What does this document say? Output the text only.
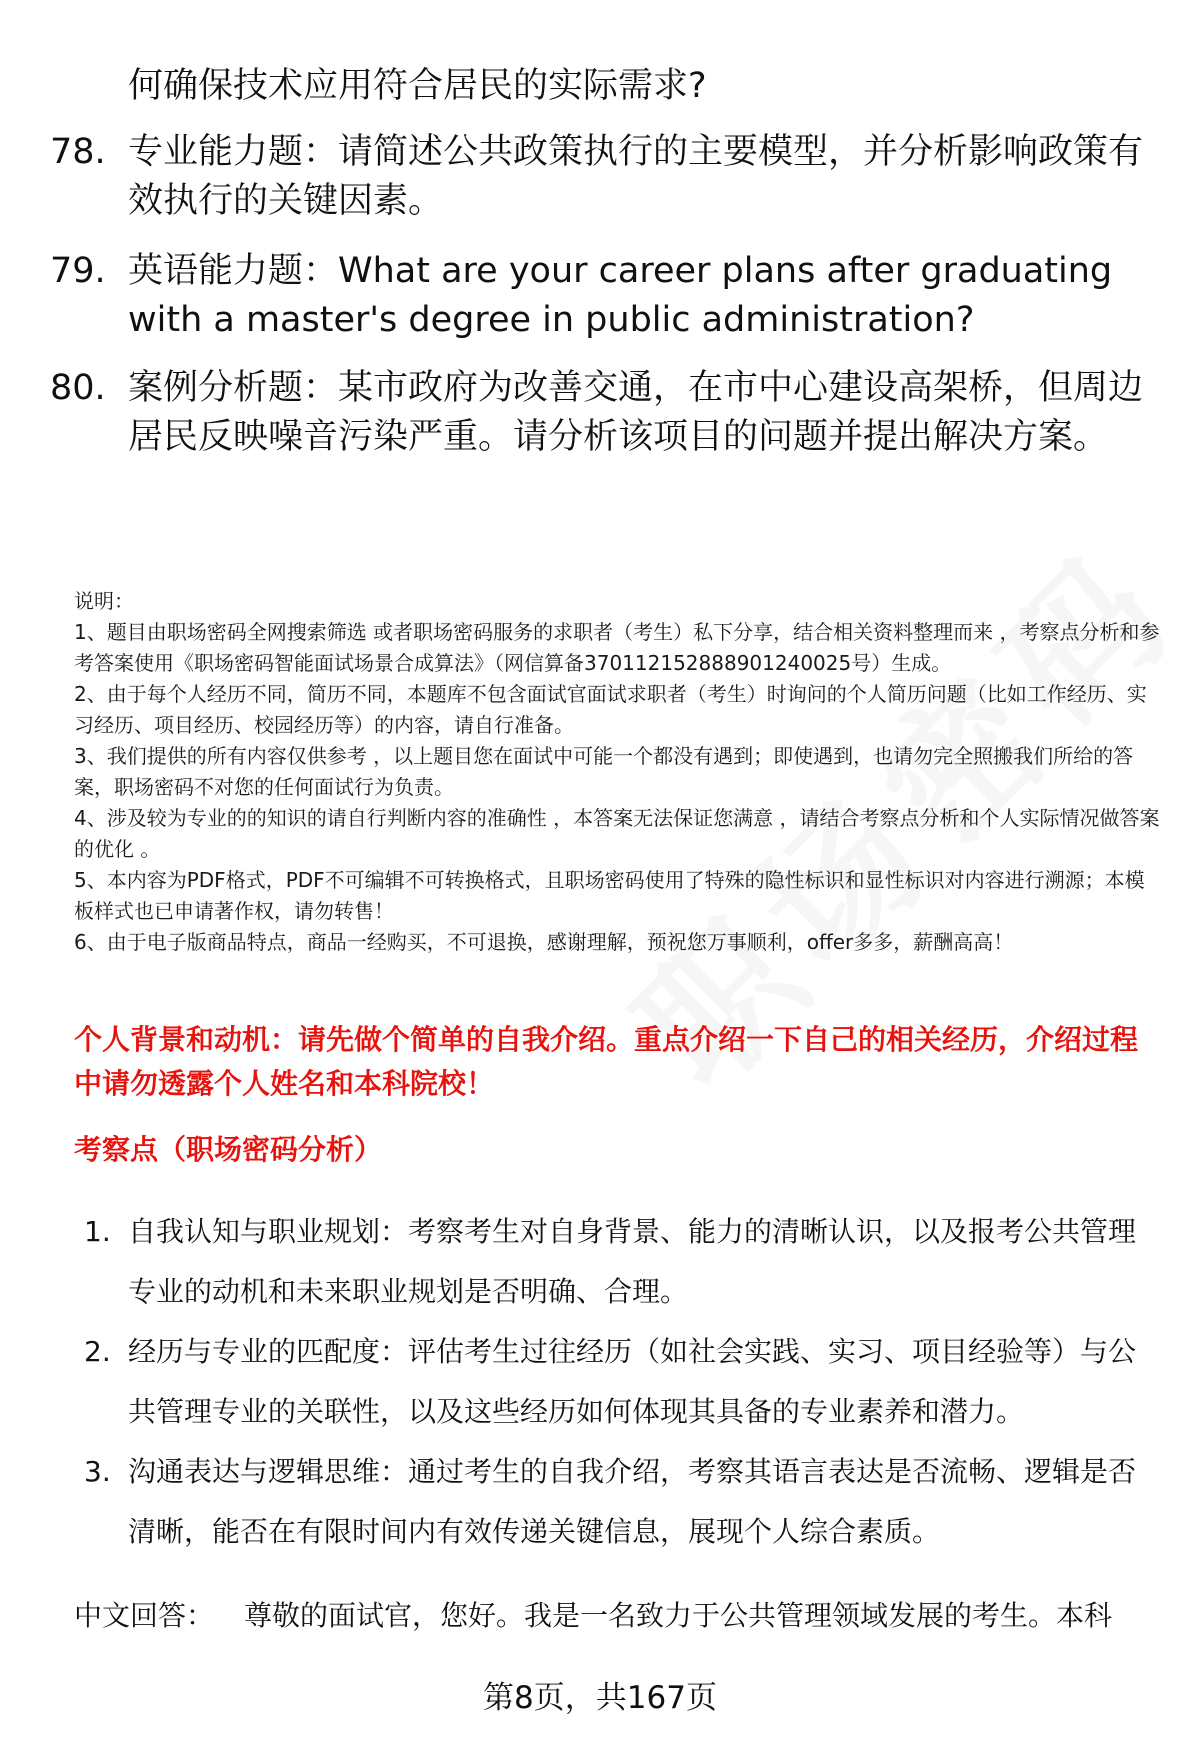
何确保技术应用符合居民的实际需求?
78. 专业能力题：请简述公共政策执行的主要模型，并分析影响政策有效执行的关键因素。
79. 英语能力题：What are your career plans after graduating with a master's degree in public administration?
80. 案例分析题：某市政府为改善交通，在市中心建设高架桥，但周边居民反映噪音污染严重。请分析该项目的问题并提出解决方案。

说明：

1、题目由职场密码全网搜索筛选 或者职场密码服务的求职者（考生）私下分享，结合相关资料整理而来 ，考察点分析和参考答案使用《职场密码智能面试场景合成算法》（网信算备370112152888901240025号）生成。

2、由于每个人经历不同，简历不同，本题库不包含面试官面试求职者（考生）时询问的个人简历问题（比如工作经历、实习经历、项目经历、校园经历等）的内容，请自行准备。

3、我们提供的所有内容仅供参考 ，以上题目您在面试中可能一个都没有遇到；即使遇到，也请勿完全照搬我们所给的答案，职场密码不对您的任何面试行为负责。

4、涉及较为专业的的知识的请自行判断内容的准确性 ，本答案无法保证您满意 ，请结合考察点分析和个人实际情况做答案的优化 。

5、本内容为PDF格式，PDF不可编辑不可转换格式，且职场密码使用了特殊的隐性标识和显性标识对内容进行溯源；本模板样式也已申请著作权，请勿转售！

6、由于电子版商品特点，商品一经购买，不可退换，感谢理解，预祝您万事顺利，offer多多，薪酬高高！

个人背景和动机：请先做个简单的自我介绍。重点介绍一下自己的相关经历，介绍过程中请勿透露个人姓名和本科院校！
考察点（职场密码分析）
1. 自我认知与职业规划：考察考生对自身背景、能力的清晰认识，以及报考公共管理专业的动机和未来职业规划是否明确、合理。
2. 经历与专业的匹配度：评估考生过往经历（如社会实践、实习、项目经验等）与公共管理专业的关联性，以及这些经历如何体现其具备的专业素养和潜力。
3. 沟通表达与逻辑思维：通过考生的自我介绍，考察其语言表达是否流畅、逻辑是否清晰，能否在有限时间内有效传递关键信息，展现个人综合素质。
中文回答： 尊敬的面试官，您好。我是一名致力于公共管理领域发展的考生。本科
第8页，共167页
